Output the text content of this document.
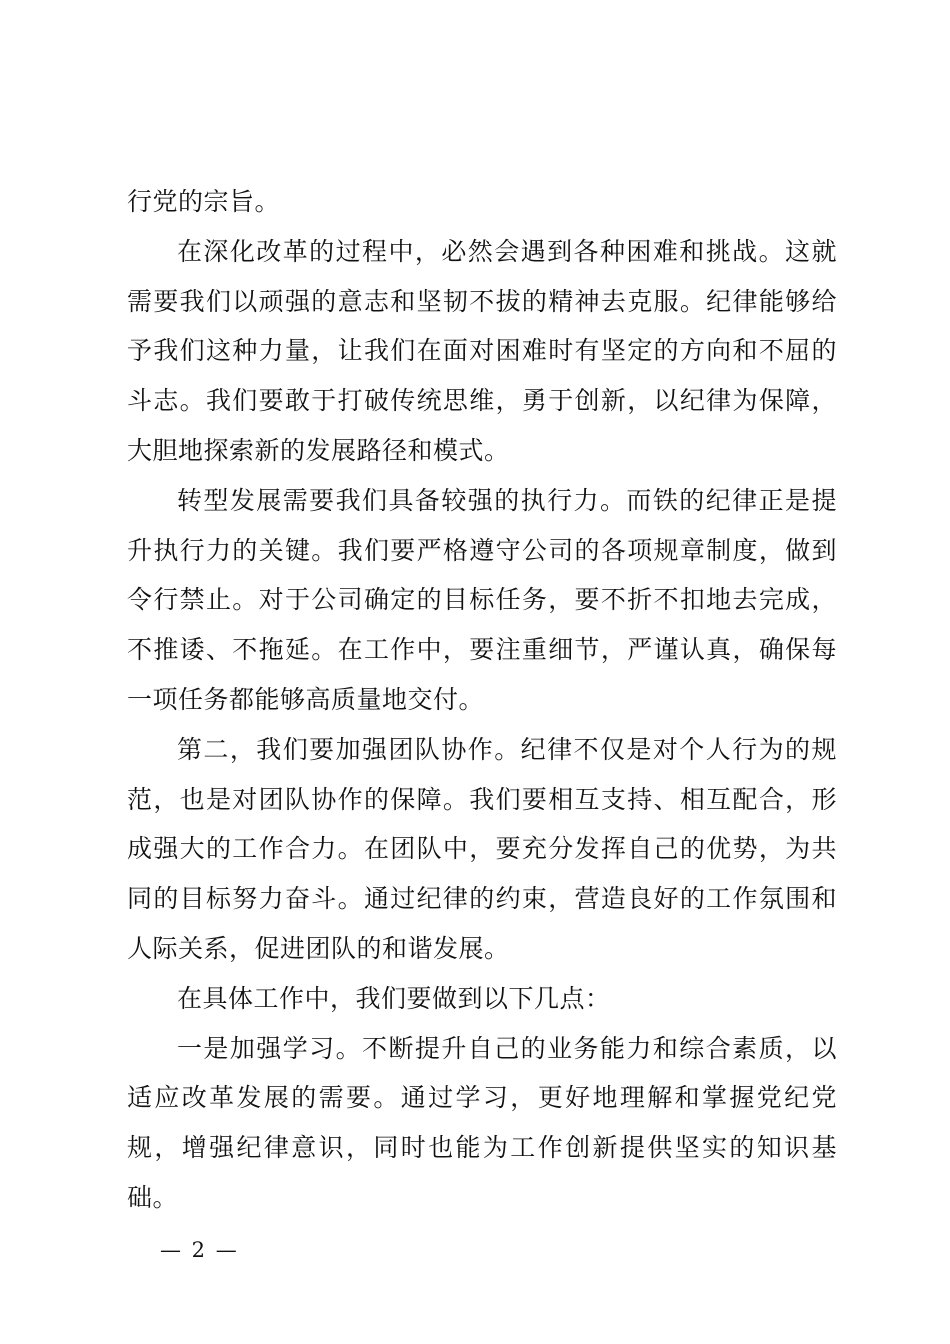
行党的宗旨。

在深化改革的过程中，必然会遇到各种困难和挑战。这就需要我们以顽强的意志和坚韧不拔的精神去克服。纪律能够给予我们这种力量，让我们在面对困难时有坚定的方向和不屈的斗志。我们要敢于打破传统思维，勇于创新，以纪律为保障，大胆地探索新的发展路径和模式。

转型发展需要我们具备较强的执行力。而铁的纪律正是提升执行力的关键。我们要严格遵守公司的各项规章制度，做到令行禁止。对于公司确定的目标任务，要不折不扣地去完成，不推诿、不拖延。在工作中，要注重细节，严谨认真，确保每一项任务都能够高质量地交付。

第二，我们要加强团队协作。纪律不仅是对个人行为的规范，也是对团队协作的保障。我们要相互支持、相互配合，形成强大的工作合力。在团队中，要充分发挥自己的优势，为共同的目标努力奋斗。通过纪律的约束，营造良好的工作氛围和人际关系，促进团队的和谐发展。

在具体工作中，我们要做到以下几点：

一是加强学习。不断提升自己的业务能力和综合素质，以适应改革发展的需要。通过学习，更好地理解和掌握党纪党规，增强纪律意识，同时也能为工作创新提供坚实的知识基础。

— 2 —
